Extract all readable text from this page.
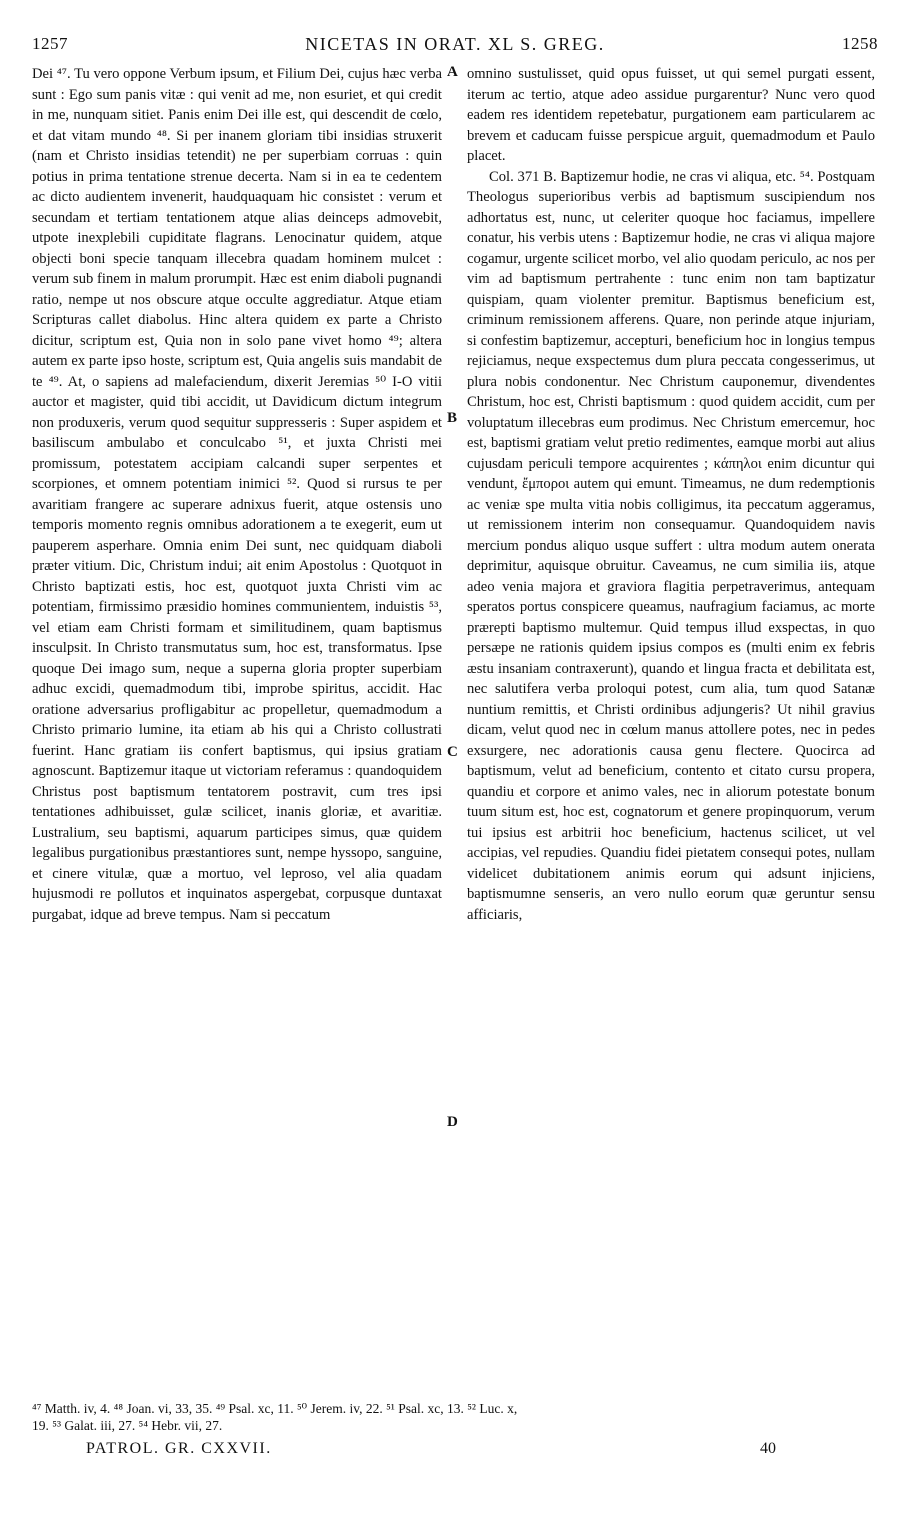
1257	NICETAS IN ORAT. XL S. GREG.	1258

Dei ⁴⁷. Tu vero oppone Verbum ipsum, et Filium Dei, cujus hæc verba sunt : Ego sum panis vitæ : qui venit ad me, non esuriet, et qui credit in me, nunquam sitiet. Panis enim Dei ille est, qui descendit de cœlo, et dat vitam mundo ⁴⁸. Si per inanem gloriam tibi insidias struxerit (nam et Christo insidias tetendit) ne per superbiam corruas : quin potius in prima tentatione strenue decerta. Nam si in ea te cedentem ac dicto audientem invenerit, haudquaquam hic consistet : verum et secundam et tertiam tentationem atque alias deinceps admovebit, utpote inexplebili cupiditate flagrans. Lenocinatur quidem, atque objecti boni specie tanquam illecebra quadam hominem mulcet : verum sub finem in malum prorumpit. Hæc est enim diaboli pugnandi ratio, nempe ut nos obscure atque occulte aggrediatur. Atque etiam Scripturas callet diabolus. Hinc altera quidem ex parte a Christo dicitur, scriptum est, Quia non in solo pane vivet homo ⁴⁹; altera autem ex parte ipso hoste, scriptum est, Quia angelis suis mandabit de te ⁴⁹. At, o sapiens ad malefaciendum, dixerit Jeremias ⁵⁰ I-O vitii auctor et magister, quid tibi accidit, ut Davidicum dictum integrum non produxeris, verum quod sequitur suppresseris : Super aspidem et basiliscum ambulabo et conculcabo ⁵¹, et juxta Christi mei promissum, potestatem accipiam calcandi super serpentes et scorpiones, et omnem potentiam inimici ⁵². Quod si rursus te per avaritiam frangere ac superare adnixus fuerit, atque ostensis uno temporis momento regnis omnibus adorationem a te exegerit, eum ut pauperem asperhare. Omnia enim Dei sunt, nec quidquam diaboli præter vitium. Dic, Christum indui; ait enim Apostolus : Quotquot in Christo baptizati estis, hoc est, quotquot juxta Christi vim ac potentiam, firmissimo præsidio homines communientem, induistis ⁵³, vel etiam eam Christi formam et similitudinem, quam baptismus insculpsit. In Christo transmutatus sum, hoc est, transformatus. Ipse quoque Dei imago sum, neque a superna gloria propter superbiam adhuc excidi, quemadmodum tibi, improbe spiritus, accidit. Hac oratione adversarius profligabitur ac propelletur, quemadmodum a Christo primario lumine, ita etiam ab his qui a Christo collustrati fuerint. Hanc gratiam iis confert baptismus, qui ipsius gratiam agnoscunt. Baptizemur itaque ut victoriam referamus : quandoquidem Christus post baptismum tentatorem postravit, cum tres ipsi tentationes adhibuisset, gulæ scilicet, inanis gloriæ, et avaritiæ. Lustralium, seu baptismi, aquarum participes simus, quæ quidem legalibus purgationibus præstantiores sunt, nempe hyssopo, sanguine, et cinere vitulæ, quæ a mortuo, vel leproso, vel alia quadam hujusmodi re pollutos et inquinatos aspergebat, corpusque duntaxat purgabat, idque ad breve tempus. Nam si peccatum

A
B
C
D

omnino sustulisset, quid opus fuisset, ut qui semel purgati essent, iterum ac tertio, atque adeo assidue purgarentur? Nunc vero quod eadem res identidem repetebatur, purgationem eam particularem ac brevem et caducam fuisse perspicue arguit, quemadmodum et Paulo placet.

Col. 371 B. Baptizemur hodie, ne cras vi aliqua, etc. ⁵⁴. Postquam Theologus superioribus verbis ad baptismum suscipiendum nos adhortatus est, nunc, ut celeriter quoque hoc faciamus, impellere conatur, his verbis utens : Baptizemur hodie, ne cras vi aliqua majore cogamur, urgente scilicet morbo, vel alio quodam periculo, ac nos per vim ad baptismum pertrahente : tunc enim non tam baptizatur quispiam, quam violenter premitur. Baptismus beneficium est, criminum remissionem afferens. Quare, non perinde atque injuriam, si confestim baptizemur, accepturi, beneficium hoc in longius tempus rejiciamus, neque exspectemus dum plura peccata congesserimus, ut plura nobis condonentur. Nec Christum cauponemur, divendentes Christum, hoc est, Christi baptismum : quod quidem accidit, cum per voluptatum illecebras eum prodimus. Nec Christum emercemur, hoc est, baptismi gratiam velut pretio redimentes, eamque morbi aut alius cujusdam periculi tempore acquirentes ; κάπηλοι enim dicuntur qui vendunt, ἔμποροι autem qui emunt. Timeamus, ne dum redemptionis ac veniæ spe multa vitia nobis colligimus, ita peccatum aggeramus, ut remissionem interim non consequamur. Quandoquidem navis mercium pondus aliquo usque suffert : ultra modum autem onerata deprimitur, aquisque obruitur. Caveamus, ne cum similia iis, atque adeo venia majora et graviora flagitia perpetraverimus, antequam speratos portus conspicere queamus, naufragium faciamus, ac morte prærepti baptismo multemur. Quid tempus illud exspectas, in quo persæpe ne rationis quidem ipsius compos es (multi enim ex febris æstu insaniam contraxerunt), quando et lingua fracta et debilitata est, nec salutifera verba proloqui potest, cum alia, tum quod Satanæ nuntium remittis, et Christi ordinibus adjungeris? Ut nihil gravius dicam, velut quod nec in cœlum manus attollere potes, nec in pedes exsurgere, nec adorationis causa genu flectere. Quocirca ad baptismum, velut ad beneficium, contento et citato cursu propera, quandiu et corpore et animo vales, nec in aliorum potestate bonum tuum situm est, hoc est, cognatorum et genere propinquorum, verum tui ipsius est arbitrii hoc beneficium, hactenus scilicet, ut vel accipias, vel repudies. Quandiu fidei pietatem consequi potes, nullam videlicet dubitationem animis eorum qui adsunt injiciens, baptismumne senseris, an vero nullo eorum quæ geruntur sensu afficiaris,

⁴⁷ Matth. iv, 4. ⁴⁸ Joan. vi, 33, 35. ⁴⁹ Psal. xc, 11. ⁵⁰ Jerem. iv, 22. ⁵¹ Psal. xc, 13. ⁵² Luc. x,
19. ⁵³ Galat. iii, 27. ⁵⁴ Hebr. vii, 27.
PATROL. GR. CXXVII.	40
